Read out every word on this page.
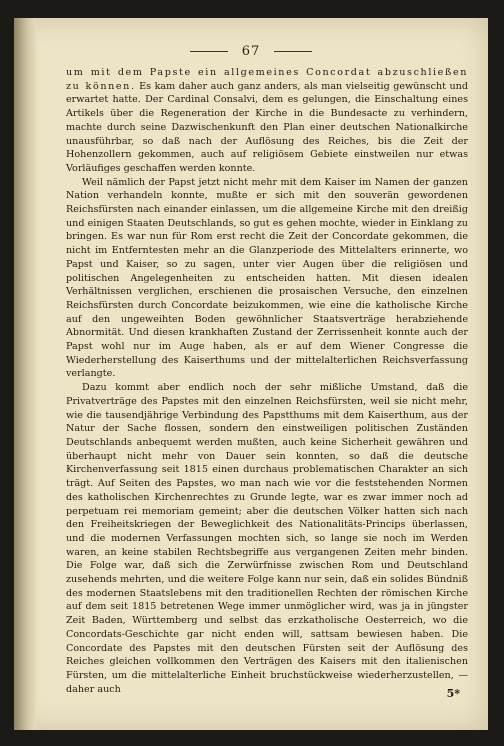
67

um mit dem Papste ein allgemeines Concordat abzuschließen zu können. Es kam daher auch ganz anders, als man vielseitig gewünscht und erwartet hatte. Der Cardinal Consalvi, dem es gelungen, die Einschaltung eines Artikels über die Regeneration der Kirche in die Bundesacte zu verhindern, machte durch seine Dazwischenkunft den Plan einer deutschen Nationalkirche unausführbar, so daß nach der Auflösung des Reiches, bis die Zeit der Hohenzollern gekommen, auch auf religiösem Gebiete einstweilen nur etwas Vorläufiges geschaffen werden konnte.

Weil nämlich der Papst jetzt nicht mehr mit dem Kaiser im Namen der ganzen Nation verhandeln konnte, mußte er sich mit den souverän gewordenen Reichsfürsten nach einander einlassen, um die allgemeine Kirche mit den dreißig und einigen Staaten Deutschlands, so gut es gehen mochte, wieder in Einklang zu bringen. Es war nun für Rom erst recht die Zeit der Concordate gekommen, die nicht im Entferntesten mehr an die Glanzperiode des Mittelalters erinnerte, wo Papst und Kaiser, so zu sagen, unter vier Augen über die religiösen und politischen Angelegenheiten zu entscheiden hatten. Mit diesen idealen Verhältnissen verglichen, erschienen die prosaischen Versuche, den einzelnen Reichsfürsten durch Concordate beizukommen, wie eine die katholische Kirche auf den ungeweihten Boden gewöhnlicher Staatsverträge herabziehende Abnormität. Und diesen krankhaften Zustand der Zerrissenheit konnte auch der Papst wohl nur im Auge haben, als er auf dem Wiener Congresse die Wiederherstellung des Kaiserthums und der mittelalterlichen Reichsverfassung verlangte.

Dazu kommt aber endlich noch der sehr mißliche Umstand, daß die Privatverträge des Papstes mit den einzelnen Reichsfürsten, weil sie nicht mehr, wie die tausendjährige Verbindung des Papstthums mit dem Kaiserthum, aus der Natur der Sache flossen, sondern den einstweiligen politischen Zuständen Deutschlands anbequemt werden mußten, auch keine Sicherheit gewähren und überhaupt nicht mehr von Dauer sein konnten, so daß die deutsche Kirchenverfassung seit 1815 einen durchaus problematischen Charakter an sich trägt. Auf Seiten des Papstes, wo man nach wie vor die feststehenden Normen des katholischen Kirchenrechtes zu Grunde legte, war es zwar immer noch ad perpetuam rei memoriam gemeint; aber die deutschen Völker hatten sich nach den Freiheitskriegen der Beweglichkeit des Nationalitäts-Princips überlassen, und die modernen Verfassungen mochten sich, so lange sie noch im Werden waren, an keine stabilen Rechtsbegriffe aus vergangenen Zeiten mehr binden. Die Folge war, daß sich die Zerwürfnisse zwischen Rom und Deutschland zusehends mehrten, und die weitere Folge kann nur sein, daß ein solides Bündniß des modernen Staatslebens mit den traditionellen Rechten der römischen Kirche auf dem seit 1815 betretenen Wege immer unmöglicher wird, was ja in jüngster Zeit Baden, Württemberg und selbst das erzkatholische Oesterreich, wo die Concordats-Geschichte gar nicht enden will, sattsam bewiesen haben. Die Concordate des Papstes mit den deutschen Fürsten seit der Auflösung des Reiches gleichen vollkommen den Verträgen des Kaisers mit den italienischen Fürsten, um die mittelalterliche Einheit bruchstückweise wiederherzustellen, — daher auch	5*
